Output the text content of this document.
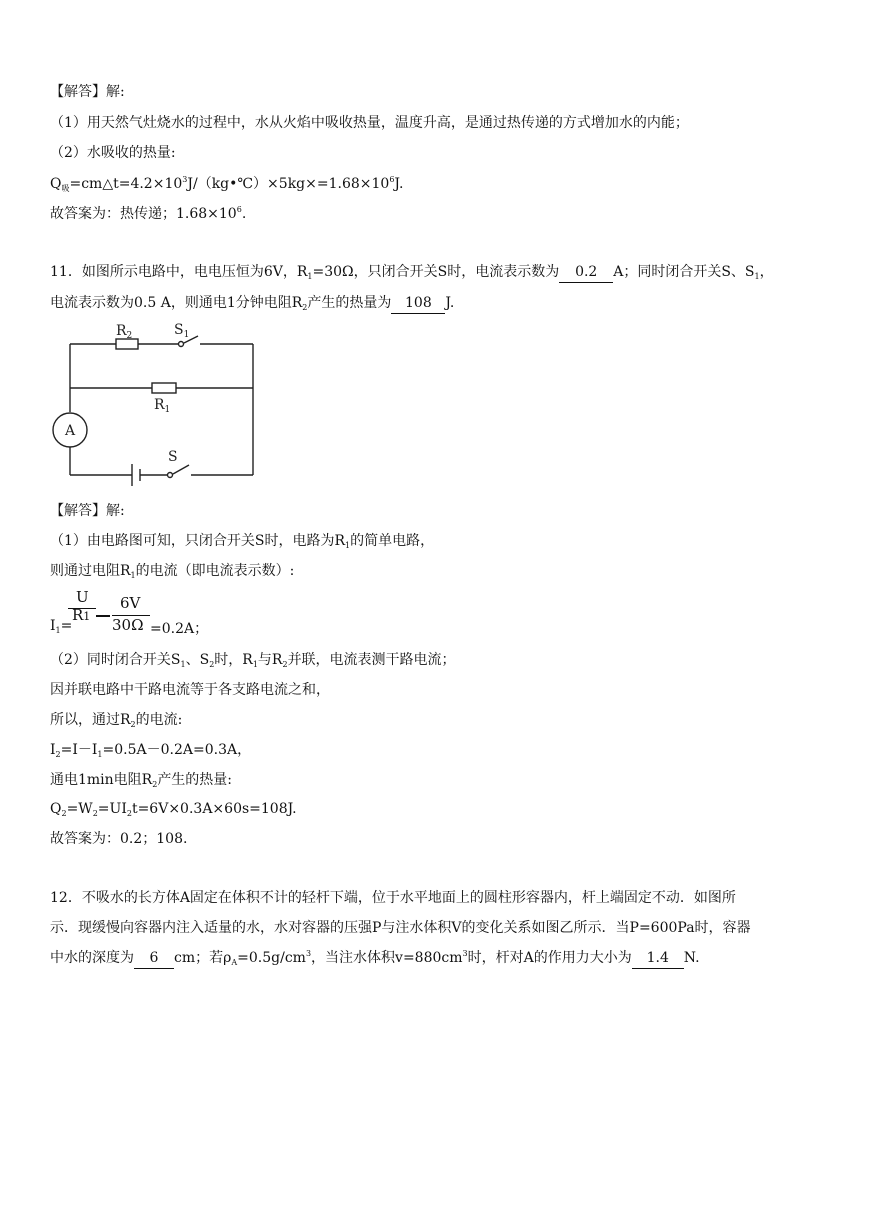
【解答】解:
（1）用天然气灶烧水的过程中，水从火焰中吸收热量，温度升高，是通过热传递的方式增加水的内能；
（2）水吸收的热量:
$Q_吸=cm\triangle t=4.2\times 10^3J/(kg•℃)\times 5kg\times=1.68\times 10^6J$.
故答案为：热传递；$1.68\times 10^6$.
11．如图所示电路中，电电压恒为6V，$R_1=30\Omega$，只闭合开关S时，电流表示数为 0.2 A；同时闭合开关S、$S_1$，
电流表示数为0.5 A，则通电1分钟电阻$R_2$产生的热量为 108 J.
$R_2$	$S_1$
$R_1$
A
S
【解答】解:
（1）由电路图可知，只闭合开关S时，电路为$R_1$的简单电路，
则通过电阻$R_1$的电流（即电流表示数）:
U
R1
6V
30Ω
$I_1=$	=0.2A；
（2）同时闭合开关$S_1$、$S_2$时，$R_1$与$R_2$并联，电流表测干路电流；
因并联电路中干路电流等于各支路电流之和，
所以，通过$R_2$的电流:
$I_2=I-I_1=0.5A-0.2A=0.3A$，
通电1min电阻$R_2$产生的热量:
$Q_2=W_2=UI_2t=6V\times 0.3A\times 60s=108J$.
故答案为：0.2；108.
12．不吸水的长方体A固定在体积不计的轻杆下端，位于水平地面上的圆柱形容器内，杆上端固定不动．如图所
示．现缓慢向容器内注入适量的水，水对容器的压强P与注水体积V的变化关系如图乙所示．当P=600Pa时，容器
中水的深度为 6 cm；若$\rho_A=0.5g/cm^3$，当注水体积$v=880cm^3$时，杆对A的作用力大小为 1.4 N.
